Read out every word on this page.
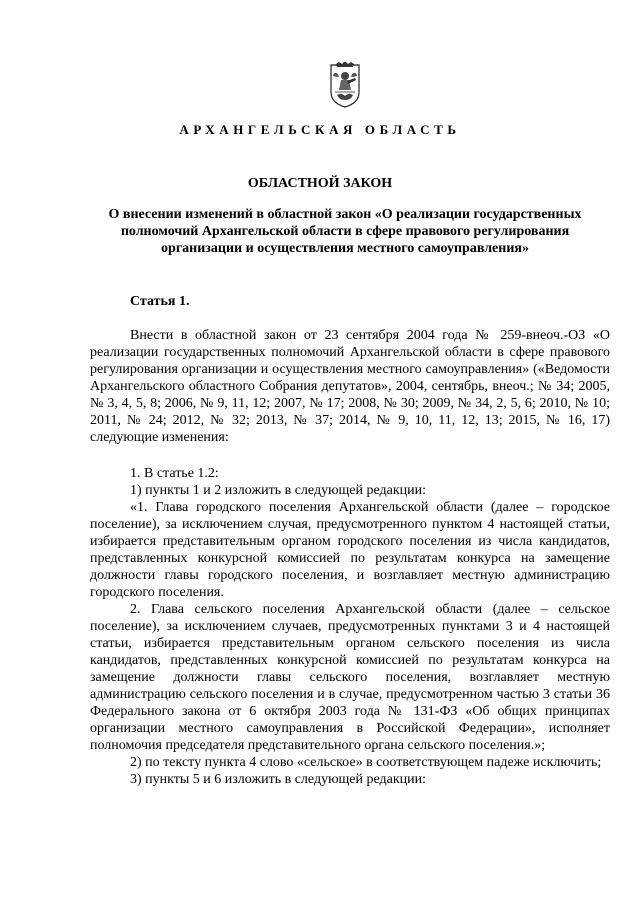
АРХАНГЕЛЬСКАЯ ОБЛАСТЬ
ОБЛАСТНОЙ ЗАКОН
О внесении изменений в областной закон «О реализации государственных полномочий Архангельской области в сфере правового регулирования организации и осуществления местного самоуправления»
Статья 1.

Внести в областной закон от 23 сентября 2004 года № 259-внеоч.-ОЗ «О реализации государственных полномочий Архангельской области в сфере правового регулирования организации и осуществления местного самоуправления» («Ведомости Архангельского областного Собрания депутатов», 2004, сентябрь, внеоч.; № 34; 2005, № 3, 4, 5, 8; 2006, № 9, 11, 12; 2007, № 17; 2008, № 30; 2009, № 34, 2, 5, 6; 2010, № 10; 2011, № 24; 2012, № 32; 2013, № 37; 2014, № 9, 10, 11, 12, 13; 2015, № 16, 17) следующие изменения:

1. В статье 1.2:

1) пункты 1 и 2 изложить в следующей редакции:

«1. Глава городского поселения Архангельской области (далее – городское поселение), за исключением случая, предусмотренного пунктом 4 настоящей статьи, избирается представительным органом городского поселения из числа кандидатов, представленных конкурсной комиссией по результатам конкурса на замещение должности главы городского поселения, и возглавляет местную администрацию городского поселения.

2. Глава сельского поселения Архангельской области (далее – сельское поселение), за исключением случаев, предусмотренных пунктами 3 и 4 настоящей статьи, избирается представительным органом сельского поселения из числа кандидатов, представленных конкурсной комиссией по результатам конкурса на замещение должности главы сельского поселения, возглавляет местную администрацию сельского поселения и в случае, предусмотренном частью 3 статьи 36 Федерального закона от 6 октября 2003 года № 131-ФЗ «Об общих принципах организации местного самоуправления в Российской Федерации», исполняет полномочия председателя представительного органа сельского поселения.»;

2) по тексту пункта 4 слово «сельское» в соответствующем падеже исключить;

3) пункты 5 и 6 изложить в следующей редакции:
